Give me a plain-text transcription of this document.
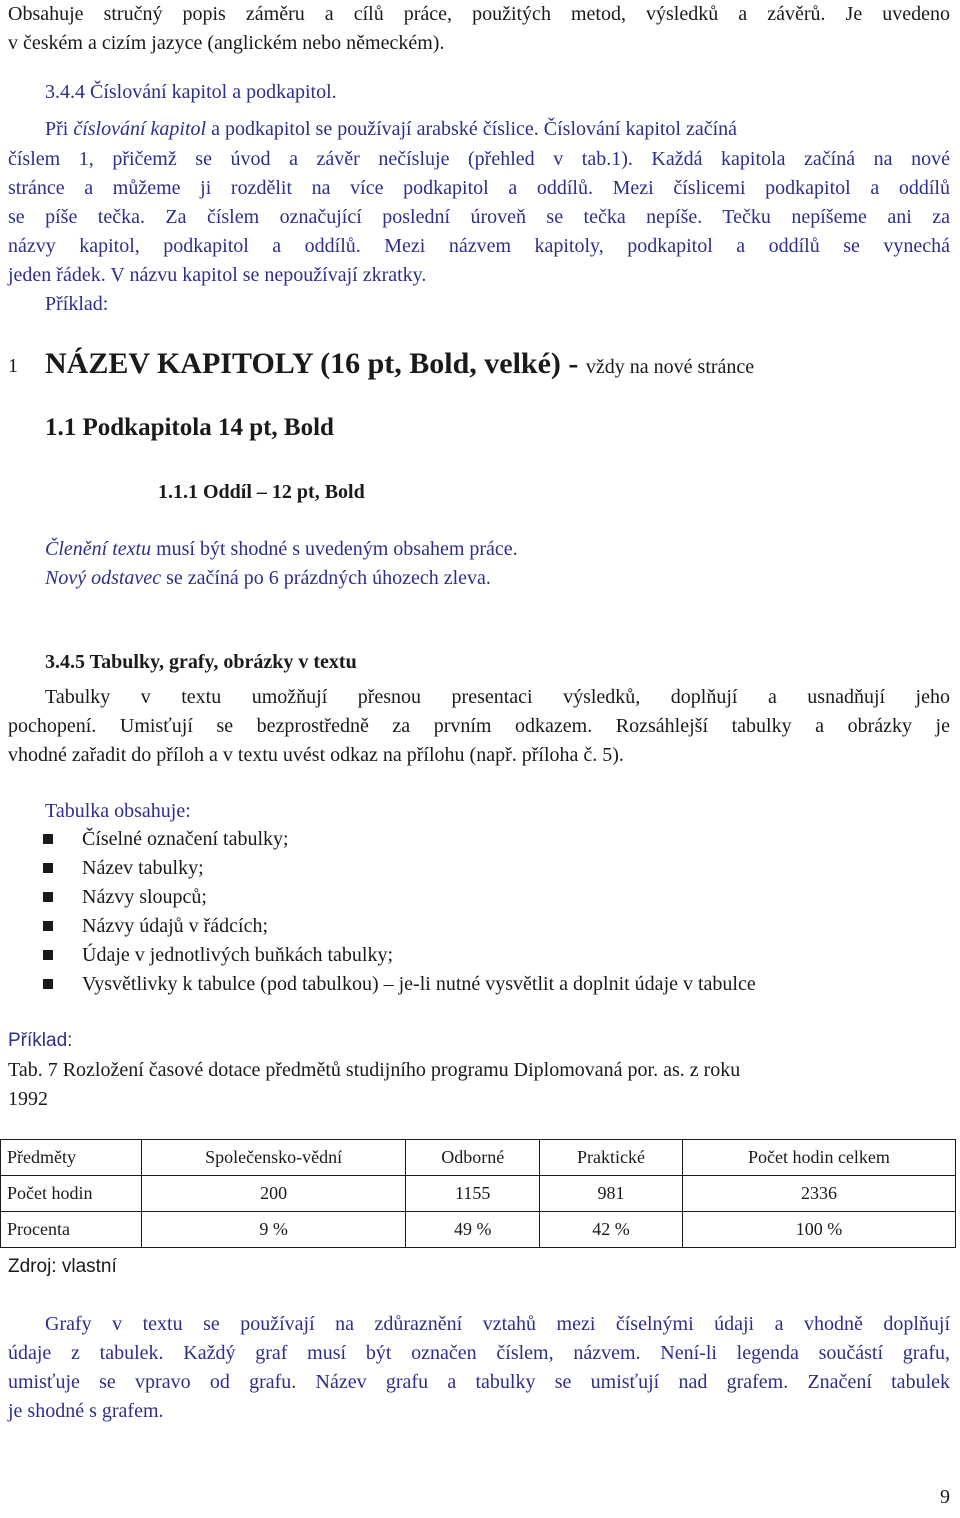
Obsahuje stručný popis záměru a cílů práce, použitých metod, výsledků a závěrů. Je uvedeno
v českém a cizím jazyce (anglickém nebo německém).
3.4.4 Číslování kapitol a podkapitol.
Při číslování kapitol a podkapitol se používají arabské číslice. Číslování kapitol začíná
číslem 1, přičemž se úvod a závěr nečísluje (přehled v tab.1). Každá kapitola začíná na nové
stránce a můžeme ji rozdělit na více podkapitol a oddílů. Mezi číslicemi podkapitol a oddílů
se píše tečka. Za číslem označující poslední úroveň se tečka nepíše. Tečku nepíšeme ani za
názvy kapitol, podkapitol a oddílů. Mezi názvem kapitoly, podkapitol a oddílů se vynechá
jeden řádek. V názvu kapitol se nepoužívají zkratky.
Příklad:
1 NÁZEV KAPITOLY (16 pt, Bold, velké) - vždy na nové stránce
1.1 Podkapitola 14 pt, Bold
1.1.1 Oddíl – 12 pt, Bold
Členění textu musí být shodné s uvedeným obsahem práce.
Nový odstavec se začíná po 6 prázdných úhozech zleva.
3.4.5 Tabulky, grafy, obrázky v textu
Tabulky v textu umožňují přesnou presentaci výsledků, doplňují a usnadňují jeho
pochopení. Umisťují se bezprostředně za prvním odkazem. Rozsáhlejší tabulky a obrázky je
vhodné zařadit do příloh a v textu uvést odkaz na přílohu (např. příloha č. 5).
Tabulka obsahuje:
Číselné označení tabulky;
Název tabulky;
Názvy sloupců;
Názvy údajů v řádcích;
Údaje v jednotlivých buňkách tabulky;
Vysvětlivky k tabulce (pod tabulkou) – je-li nutné vysvětlit a doplnit údaje v tabulce
Příklad:
Tab. 7 Rozložení časové dotace předmětů studijního programu Diplomovaná por. as. z roku
1992
Předměty	Společensko-vědní	Odborné	Praktické	Počet hodin celkem
Počet hodin	200	1155	981	2336
Procenta	9 %	49 %	42 %	100 %
Zdroj: vlastní
Grafy v textu se používají na zdůraznění vztahů mezi číselnými údaji a vhodně doplňují
údaje z tabulek. Každý graf musí být označen číslem, názvem. Není-li legenda součástí grafu,
umisťuje se vpravo od grafu. Název grafu a tabulky se umisťují nad grafem. Značení tabulek
je shodné s grafem.
9
